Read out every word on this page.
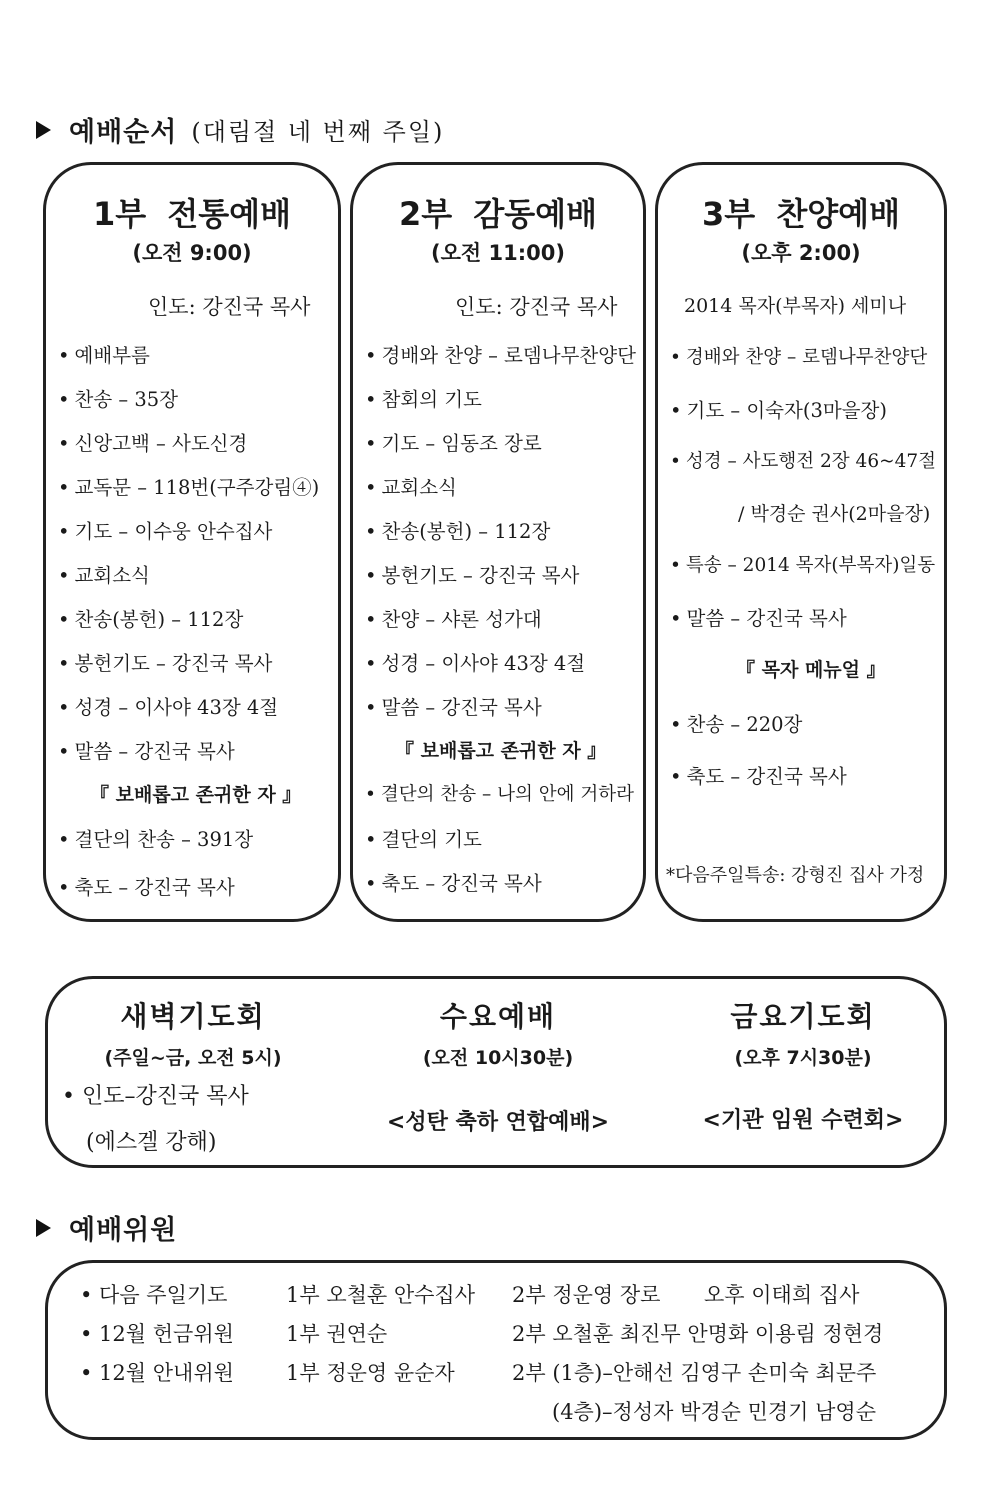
예배순서 (대림절 네 번째 주일)
1부 전통예배
(오전 9:00)
인도: 강진국 목사
• 예배부름
• 찬송 – 35장
• 신앙고백 – 사도신경
• 교독문 – 118번(구주강림④)
• 기도 – 이수웅 안수집사
• 교회소식
• 찬송(봉헌) – 112장
• 봉헌기도 – 강진국 목사
• 성경 – 이사야 43장 4절
• 말씀 – 강진국 목사
『 보배롭고 존귀한 자 』
• 결단의 찬송 – 391장
• 축도 – 강진국 목사
2부 감동예배
(오전 11:00)
인도: 강진국 목사
• 경배와 찬양 – 로뎀나무찬양단
• 참회의 기도
• 기도 – 임동조 장로
• 교회소식
• 찬송(봉헌) – 112장
• 봉헌기도 – 강진국 목사
• 찬양 – 샤론 성가대
• 성경 – 이사야 43장 4절
• 말씀 – 강진국 목사
『 보배롭고 존귀한 자 』
• 결단의 찬송 – 나의 안에 거하라
• 결단의 기도
• 축도 – 강진국 목사
3부 찬양예배
(오후 2:00)
2014 목자(부목자) 세미나
• 경배와 찬양 – 로뎀나무찬양단
• 기도 – 이숙자(3마을장)
• 성경 – 사도행전 2장 46~47절
/ 박경순 권사(2마을장)
• 특송 – 2014 목자(부목자)일동
• 말씀 – 강진국 목사
『 목자 메뉴얼 』
• 찬송 – 220장
• 축도 – 강진국 목사
*다음주일특송: 강형진 집사 가정
새벽기도회
(주일~금, 오전 5시)
• 인도–강진국 목사
(에스겔 강해)
수요예배
(오전 10시30분)
<성탄 축하 연합예배>
금요기도회
(오후 7시30분)
<기관 임원 수련회>
예배위원
• 다음 주일기도	1부 오철훈 안수집사 2부 정운영 장로 오후 이태희 집사
• 12월 헌금위원 1부 권연순	2부 오철훈 최진무 안명화 이용림 정현경
• 12월 안내위원 1부 정운영 윤순자	2부 (1층)–안해선 김영구 손미숙 최문주
(4층)–정성자 박경순 민경기 남영순
